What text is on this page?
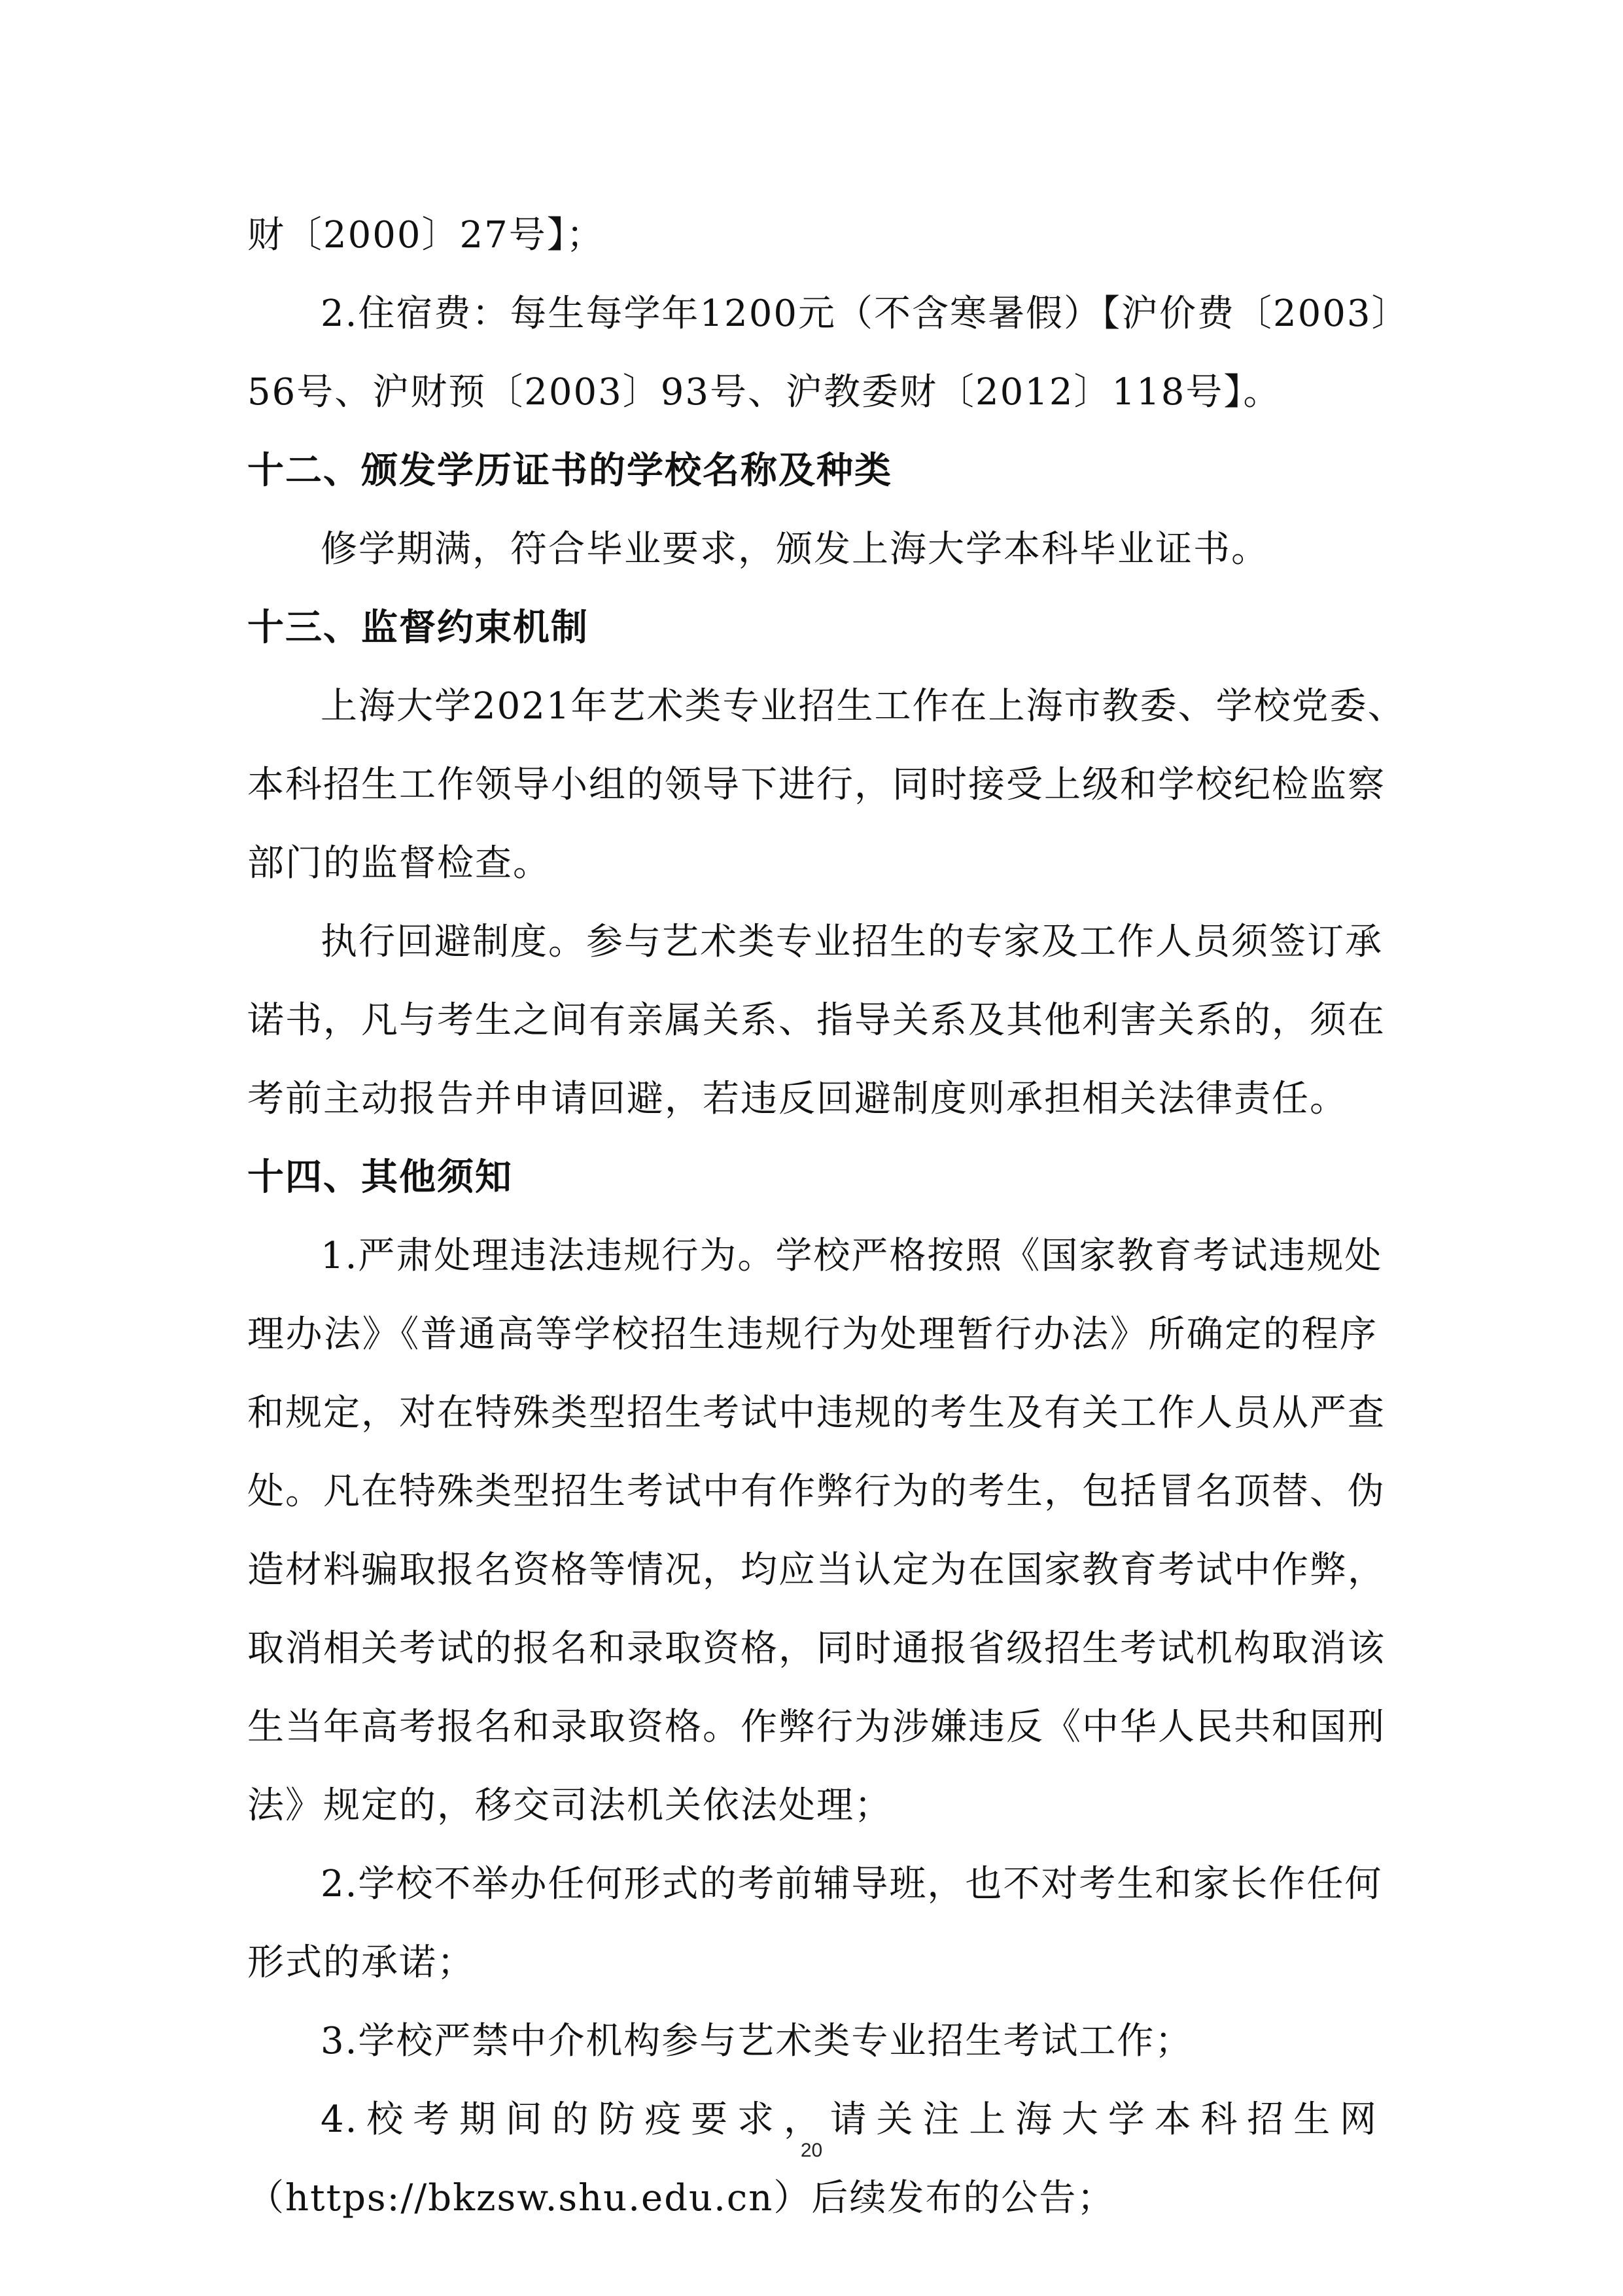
财〔2000〕27号】；
2.住宿费：每生每学年1200元（不含寒暑假）【沪价费〔2003〕
56号、沪财预〔2003〕93号、沪教委财〔2012〕118号】。
十二、颁发学历证书的学校名称及种类
修学期满，符合毕业要求，颁发上海大学本科毕业证书。
十三、监督约束机制
上海大学2021年艺术类专业招生工作在上海市教委、学校党委、
本科招生工作领导小组的领导下进行，同时接受上级和学校纪检监察
部门的监督检查。
执行回避制度。参与艺术类专业招生的专家及工作人员须签订承
诺书，凡与考生之间有亲属关系、指导关系及其他利害关系的，须在
考前主动报告并申请回避，若违反回避制度则承担相关法律责任。
十四、其他须知
1.严肃处理违法违规行为。学校严格按照《国家教育考试违规处
理办法》《普通高等学校招生违规行为处理暂行办法》所确定的程序
和规定，对在特殊类型招生考试中违规的考生及有关工作人员从严查
处。凡在特殊类型招生考试中有作弊行为的考生，包括冒名顶替、伪
造材料骗取报名资格等情况，均应当认定为在国家教育考试中作弊，
取消相关考试的报名和录取资格，同时通报省级招生考试机构取消该
生当年高考报名和录取资格。作弊行为涉嫌违反《中华人民共和国刑
法》规定的，移交司法机关依法处理；
2.学校不举办任何形式的考前辅导班，也不对考生和家长作任何
形式的承诺；
3.学校严禁中介机构参与艺术类专业招生考试工作；
4.校考期间的防疫要求，请关注上海大学本科招生网
（https://bkzsw.shu.edu.cn）后续发布的公告；
20
